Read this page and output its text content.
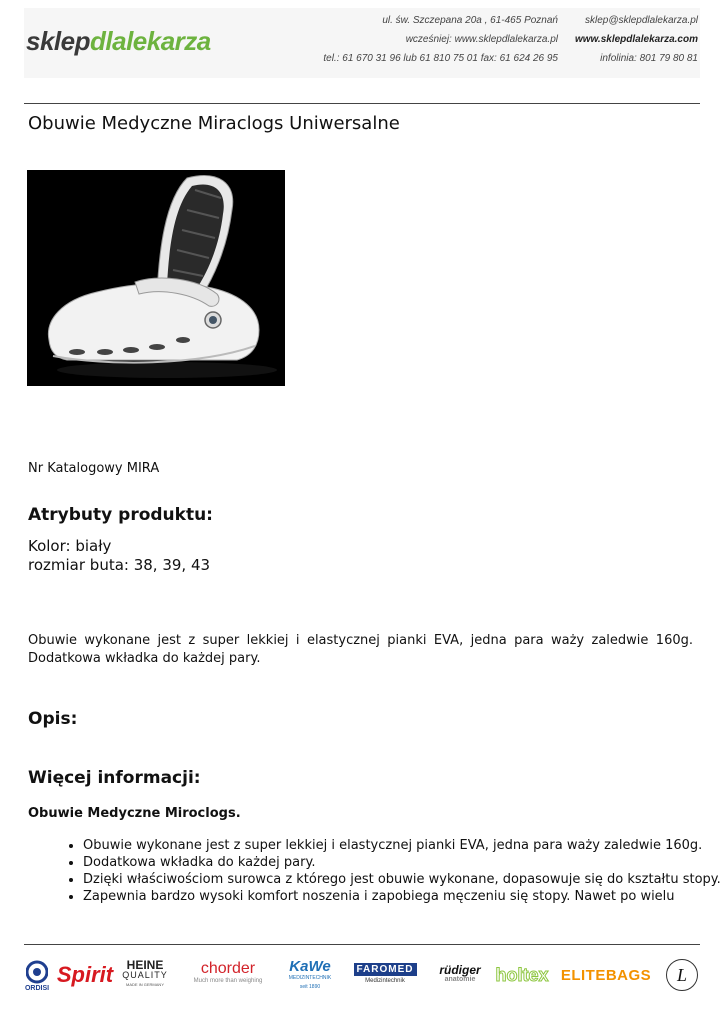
sklepdlalekarza
ul. św. Szczepana 20a , 61-465 Poznań
wcześniej: www.sklepdlalekarza.pl
tel.: 61 670 31 96 lub 61 810 75 01 fax: 61 624 26 95
sklep@sklepdlalekarza.pl
www.sklepdlalekarza.com
infolinia: 801 79 80 81
Obuwie Medyczne Miraclogs Uniwersalne
Nr Katalogowy MIRA
Atrybuty produktu:
Kolor: biały
rozmiar buta: 38, 39, 43

Obuwie wykonane jest z super lekkiej i elastycznej pianki EVA, jedna para waży zaledwie 160g. Dodatkowa wkładka do każdej pary.

Opis:
Więcej informacji:
Obuwie Medyczne Miroclogs.
• Obuwie wykonane jest z super lekkiej i elastycznej pianki EVA, jedna para waży zaledwie 160g.
• Dodatkowa wkładka do każdej pary.
• Dzięki właściwościom surowca z którego jest obuwie wykonane, dopasowuje się do kształtu stopy.
• Zapewnia bardzo wysoki komfort noszenia i zapobiega męczeniu się stopy. Nawet po wielu
ORDISI
Spirit HEINE
QUALITY
MADE IN GERMANY
chorder
Much more than weighing
KaWe
MEDIZINTECHNIK
seit 1890
FAROMED
Medizintechnik
rüdiger
anatomie holtex ELITEBAGS	L
